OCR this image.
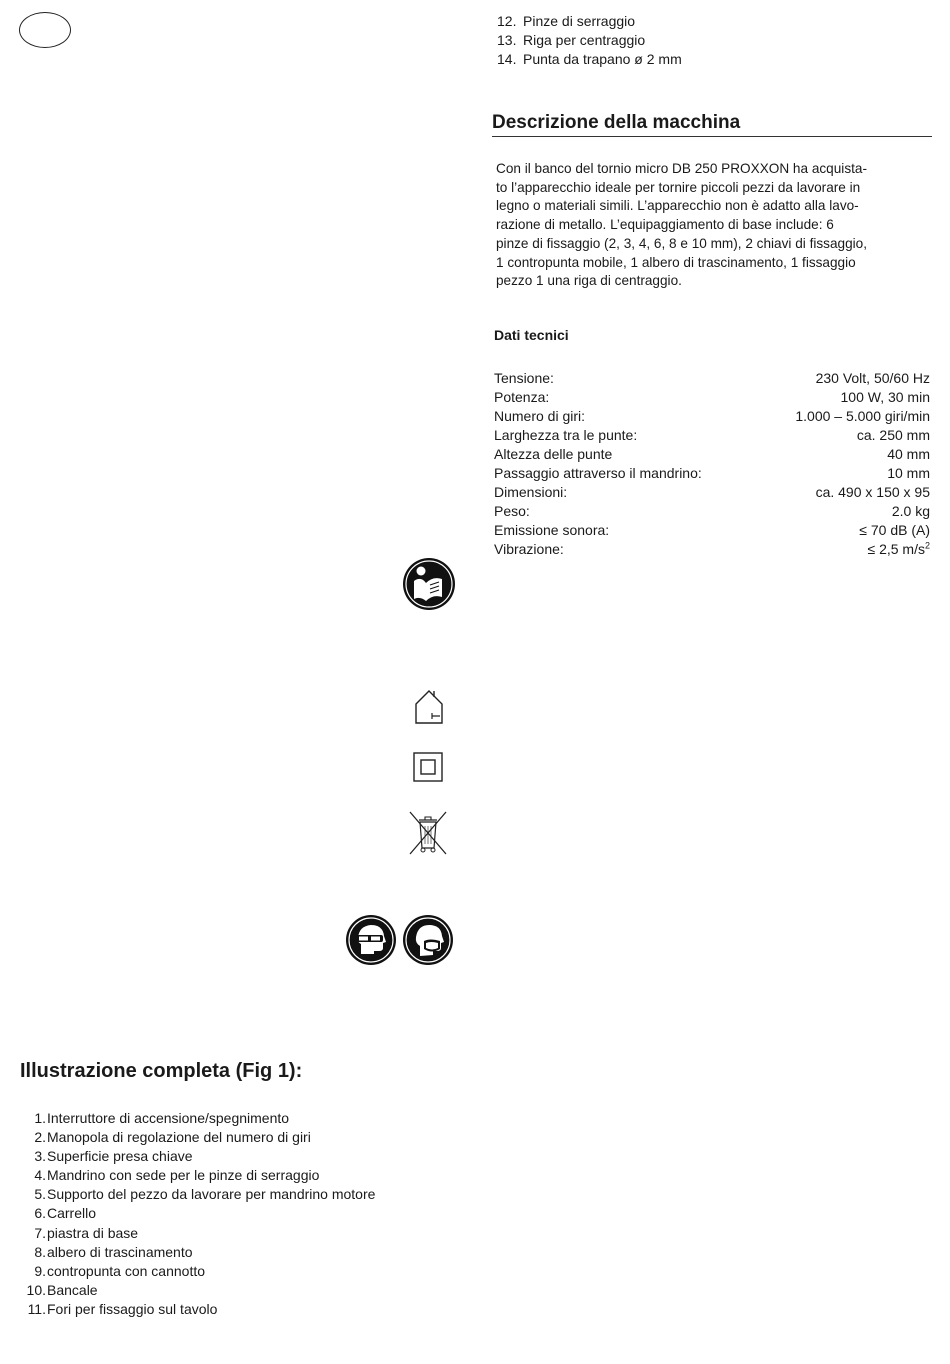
12. Pinze di serraggio
13. Riga per centraggio
14. Punta da trapano ø 2 mm
Descrizione della macchina
Con il banco del tornio micro DB 250 PROXXON ha acquista-
to l’apparecchio ideale per tornire piccoli pezzi da lavorare in
legno o materiali simili. L’apparecchio non è adatto alla lavo-
razione di metallo. L’equipaggiamento di base include: 6
pinze di fissaggio (2, 3, 4, 6, 8 e 10 mm), 2 chiavi di fissaggio,
1 contropunta mobile, 1 albero di trascinamento, 1 fissaggio
pezzo 1 una riga di centraggio.
Dati tecnici
Tensione:	230 Volt, 50/60 Hz
Potenza:	100 W, 30 min
Numero di giri:	1.000 – 5.000 giri/min
Larghezza tra le punte:	ca. 250 mm
Altezza delle punte	40 mm
Passaggio attraverso il mandrino:	10 mm
Dimensioni:	ca. 490 x 150 x 95
Peso:	2.0 kg
Emissione sonora:	≤ 70 dB (A)
Vibrazione:	≤ 2,5 $m/s^2$
Illustrazione completa (Fig 1):
1. Interruttore di accensione/spegnimento
2. Manopola di regolazione del numero di giri
3. Superficie presa chiave
4. Mandrino con sede per le pinze di serraggio
5. Supporto del pezzo da lavorare per mandrino motore
6. Carrello
7. piastra di base
8. albero di trascinamento
9. contropunta con cannotto
10. Bancale
11. Fori per fissaggio sul tavolo
